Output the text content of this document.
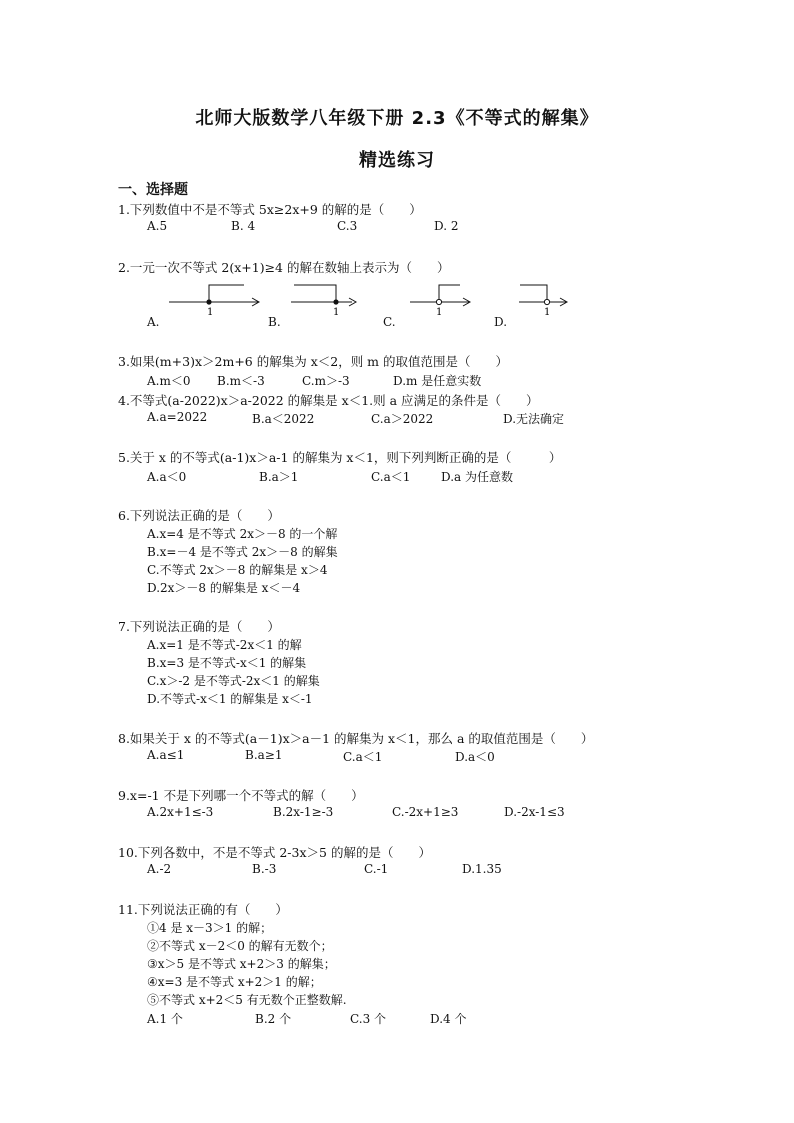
北师大版数学八年级下册 2.3《不等式的解集》
精选练习
一、选择题
1.下列数值中不是不等式 5x≥2x+9 的解的是（　　）
A.5	B. 4	C.3	D. 2
2.一元一次不等式 2(x+1)≥4 的解在数轴上表示为（　　）
1	1	1	1
A.	B.	C.	D.
3.如果(m+3)x＞2m+6 的解集为 x＜2，则 m 的取值范围是（　　）
A.m＜0 B.m＜-3	C.m＞-3	D.m 是任意实数
4.不等式(a-2022)x＞a-2022 的解集是 x＜1.则 a 应满足的条件是（　　）
A.a=2022	B.a＜2022	C.a＞2022	D.无法确定
5.关于 x 的不等式(a-1)x＞a-1 的解集为 x＜1，则下列判断正确的是（　　　）
A.a＜0	B.a＞1	C.a＜1	D.a 为任意数
6.下列说法正确的是（　　）
A.x=4 是不等式 2x＞－8 的一个解
B.x=－4 是不等式 2x＞－8 的解集
C.不等式 2x＞－8 的解集是 x＞4
D.2x＞－8 的解集是 x＜－4
7.下列说法正确的是（　　）
A.x=1 是不等式-2x＜1 的解
B.x=3 是不等式-x＜1 的解集
C.x＞-2 是不等式-2x＜1 的解集
D.不等式-x＜1 的解集是 x＜-1
8.如果关于 x 的不等式(a－1)x＞a－1 的解集为 x＜1，那么 a 的取值范围是（　　）
A.a≤1	B.a≥1	C.a＜1	D.a＜0
9.x=-1 不是下列哪一个不等式的解（　　）
A.2x+1≤-3	B.2x-1≥-3	C.-2x+1≥3	D.-2x-1≤3
10.下列各数中，不是不等式 2-3x＞5 的解的是（　　）
A.-2	B.-3	C.-1	D.1.35
11.下列说法正确的有（　　）
①4 是 x－3＞1 的解；
②不等式 x－2＜0 的解有无数个；
③x＞5 是不等式 x+2＞3 的解集；
④x=3 是不等式 x+2＞1 的解；
⑤不等式 x+2＜5 有无数个正整数解.
A.1 个	B.2 个	C.3 个	D.4 个
